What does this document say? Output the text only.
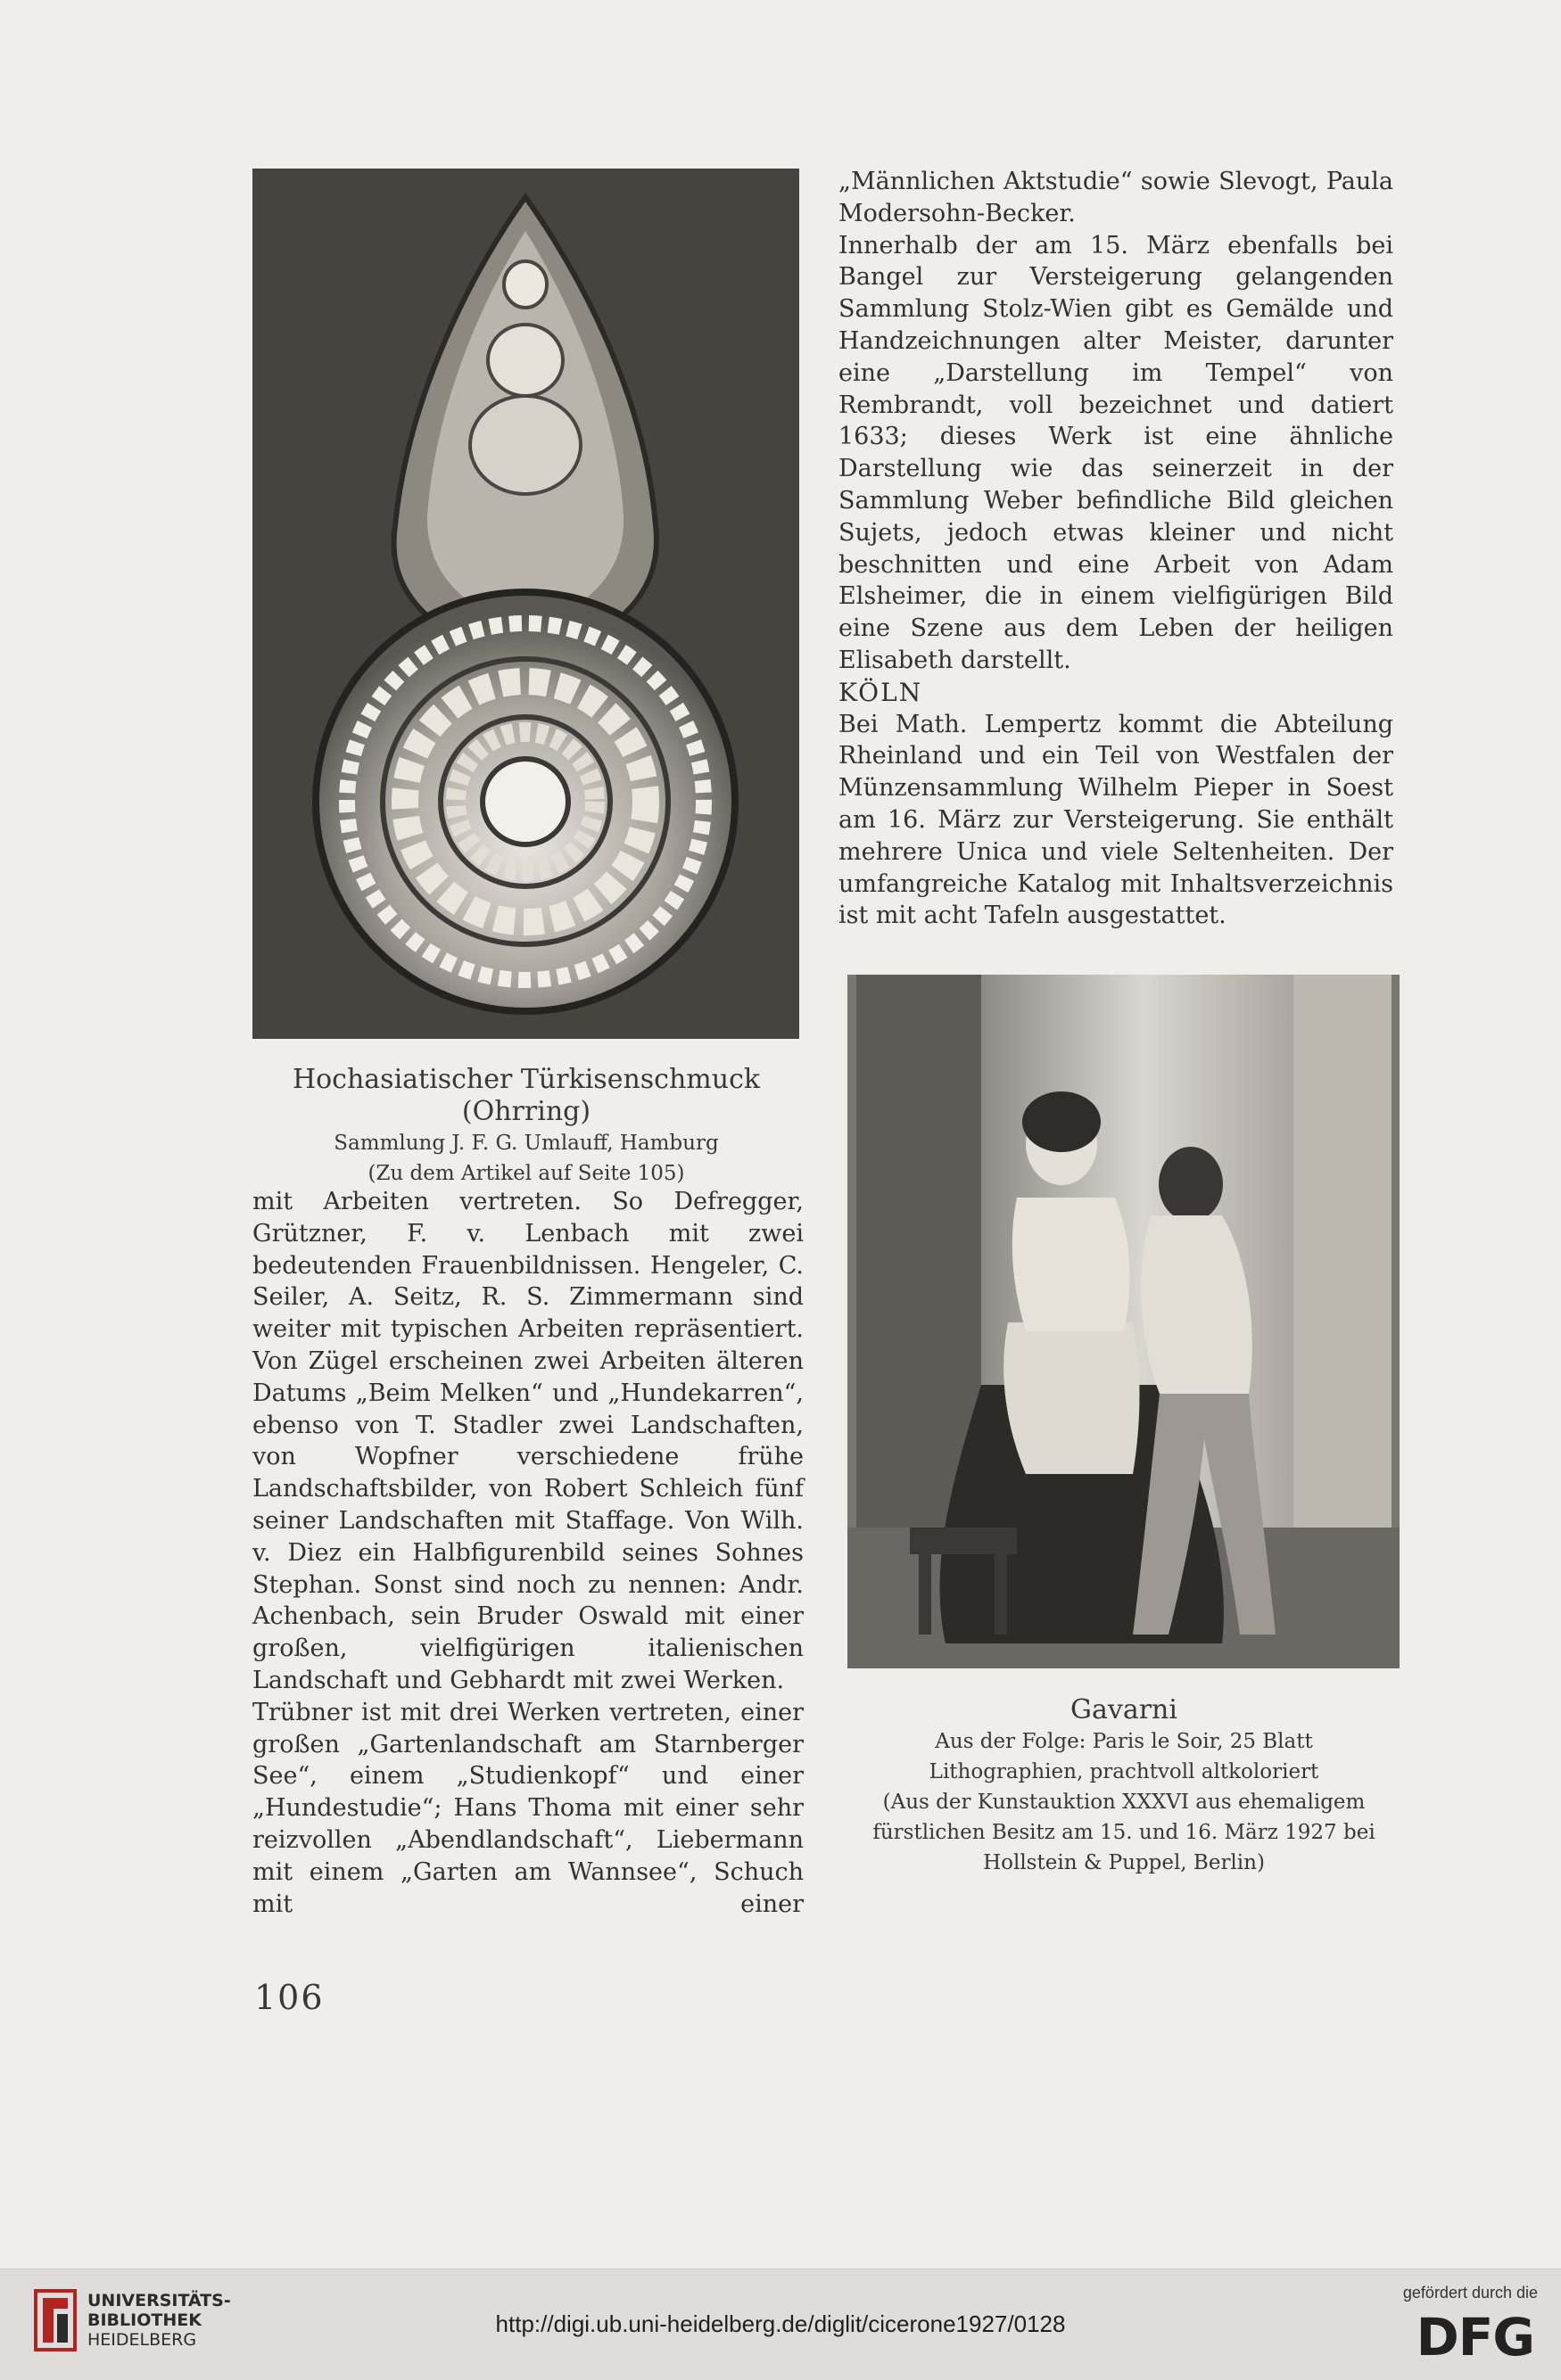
Hochasiatischer Türkisenschmuck (Ohrring)
Sammlung J. F. G. Umlauff, Hamburg
(Zu dem Artikel auf Seite 105)

„Männlichen Aktstudie“ sowie Slevogt, Paula Modersohn-Becker.

Innerhalb der am 15. März ebenfalls bei Bangel zur Versteigerung gelangenden Sammlung Stolz-Wien gibt es Gemälde und Handzeichnungen alter Meister, darunter eine „Darstellung im Tempel“ von Rembrandt, voll bezeichnet und datiert 1633; dieses Werk ist eine ähnliche Darstellung wie das seinerzeit in der Sammlung Weber befindliche Bild gleichen Sujets, jedoch etwas kleiner und nicht beschnitten und eine Arbeit von Adam Elsheimer, die in einem vielfigürigen Bild eine Szene aus dem Leben der heiligen Elisabeth darstellt.

KÖLN

Bei Math. Lempertz kommt die Abteilung Rheinland und ein Teil von Westfalen der Münzensammlung Wilhelm Pieper in Soest am 16. März zur Versteigerung. Sie enthält mehrere Unica und viele Seltenheiten. Der umfangreiche Katalog mit Inhaltsverzeichnis ist mit acht Tafeln ausgestattet.

Gavarni
Aus der Folge: Paris le Soir, 25 Blatt
Lithographien, prachtvoll altkoloriert
(Aus der Kunstauktion XXXVI aus ehemaligem
fürstlichen Besitz am 15. und 16. März 1927 bei
Hollstein & Puppel, Berlin)

mit Arbeiten vertreten. So Defregger, Grützner, F. v. Lenbach mit zwei bedeutenden Frauenbildnissen. Hengeler, C. Seiler, A. Seitz, R. S. Zimmermann sind weiter mit typischen Arbeiten repräsentiert. Von Zügel erscheinen zwei Arbeiten älteren Datums „Beim Melken“ und „Hundekarren“, ebenso von T. Stadler zwei Landschaften, von Wopfner verschiedene frühe Landschaftsbilder, von Robert Schleich fünf seiner Landschaften mit Staffage. Von Wilh. v. Diez ein Halbfigurenbild seines Sohnes Stephan. Sonst sind noch zu nennen: Andr. Achenbach, sein Bruder Oswald mit einer großen, vielfigürigen italienischen Landschaft und Gebhardt mit zwei Werken.

Trübner ist mit drei Werken vertreten, einer großen „Gartenlandschaft am Starnberger See“, einem „Studienkopf“ und einer „Hundestudie“; Hans Thoma mit einer sehr reizvollen „Abendlandschaft“, Liebermann mit einem „Garten am Wannsee“, Schuch mit einer

106
UNIVERSITÄTS-
BIBLIOTHEK
HEIDELBERG
http://digi.ub.uni-heidelberg.de/diglit/cicerone1927/0128
gefördert durch die
DFG
